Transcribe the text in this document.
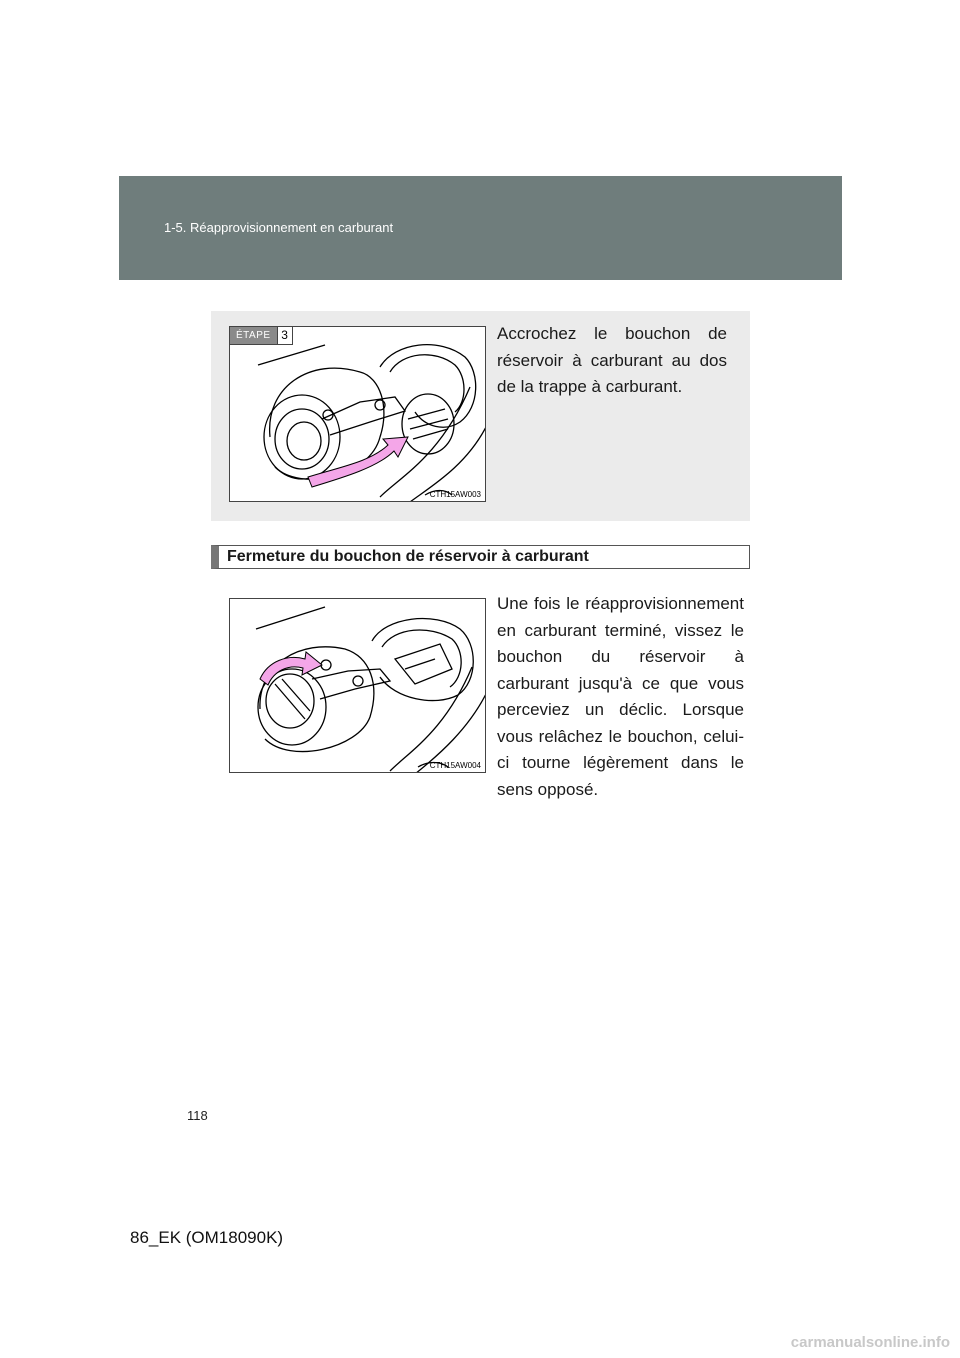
1-5. Réapprovisionnement en carburant
ÉTAPE 3
CTH15AW003
Accrochez le bouchon de réservoir à carburant au dos de la trappe à carburant.
Fermeture du bouchon de réservoir à carburant
CTH15AW004
Une fois le réapprovisionnement en carburant terminé, vissez le bouchon du réservoir à carburant jusqu'à ce que vous perceviez un déclic. Lorsque vous relâchez le bouchon, celui-ci tourne légèrement dans le sens opposé.
118
86_EK (OM18090K)
carmanualsonline.info
